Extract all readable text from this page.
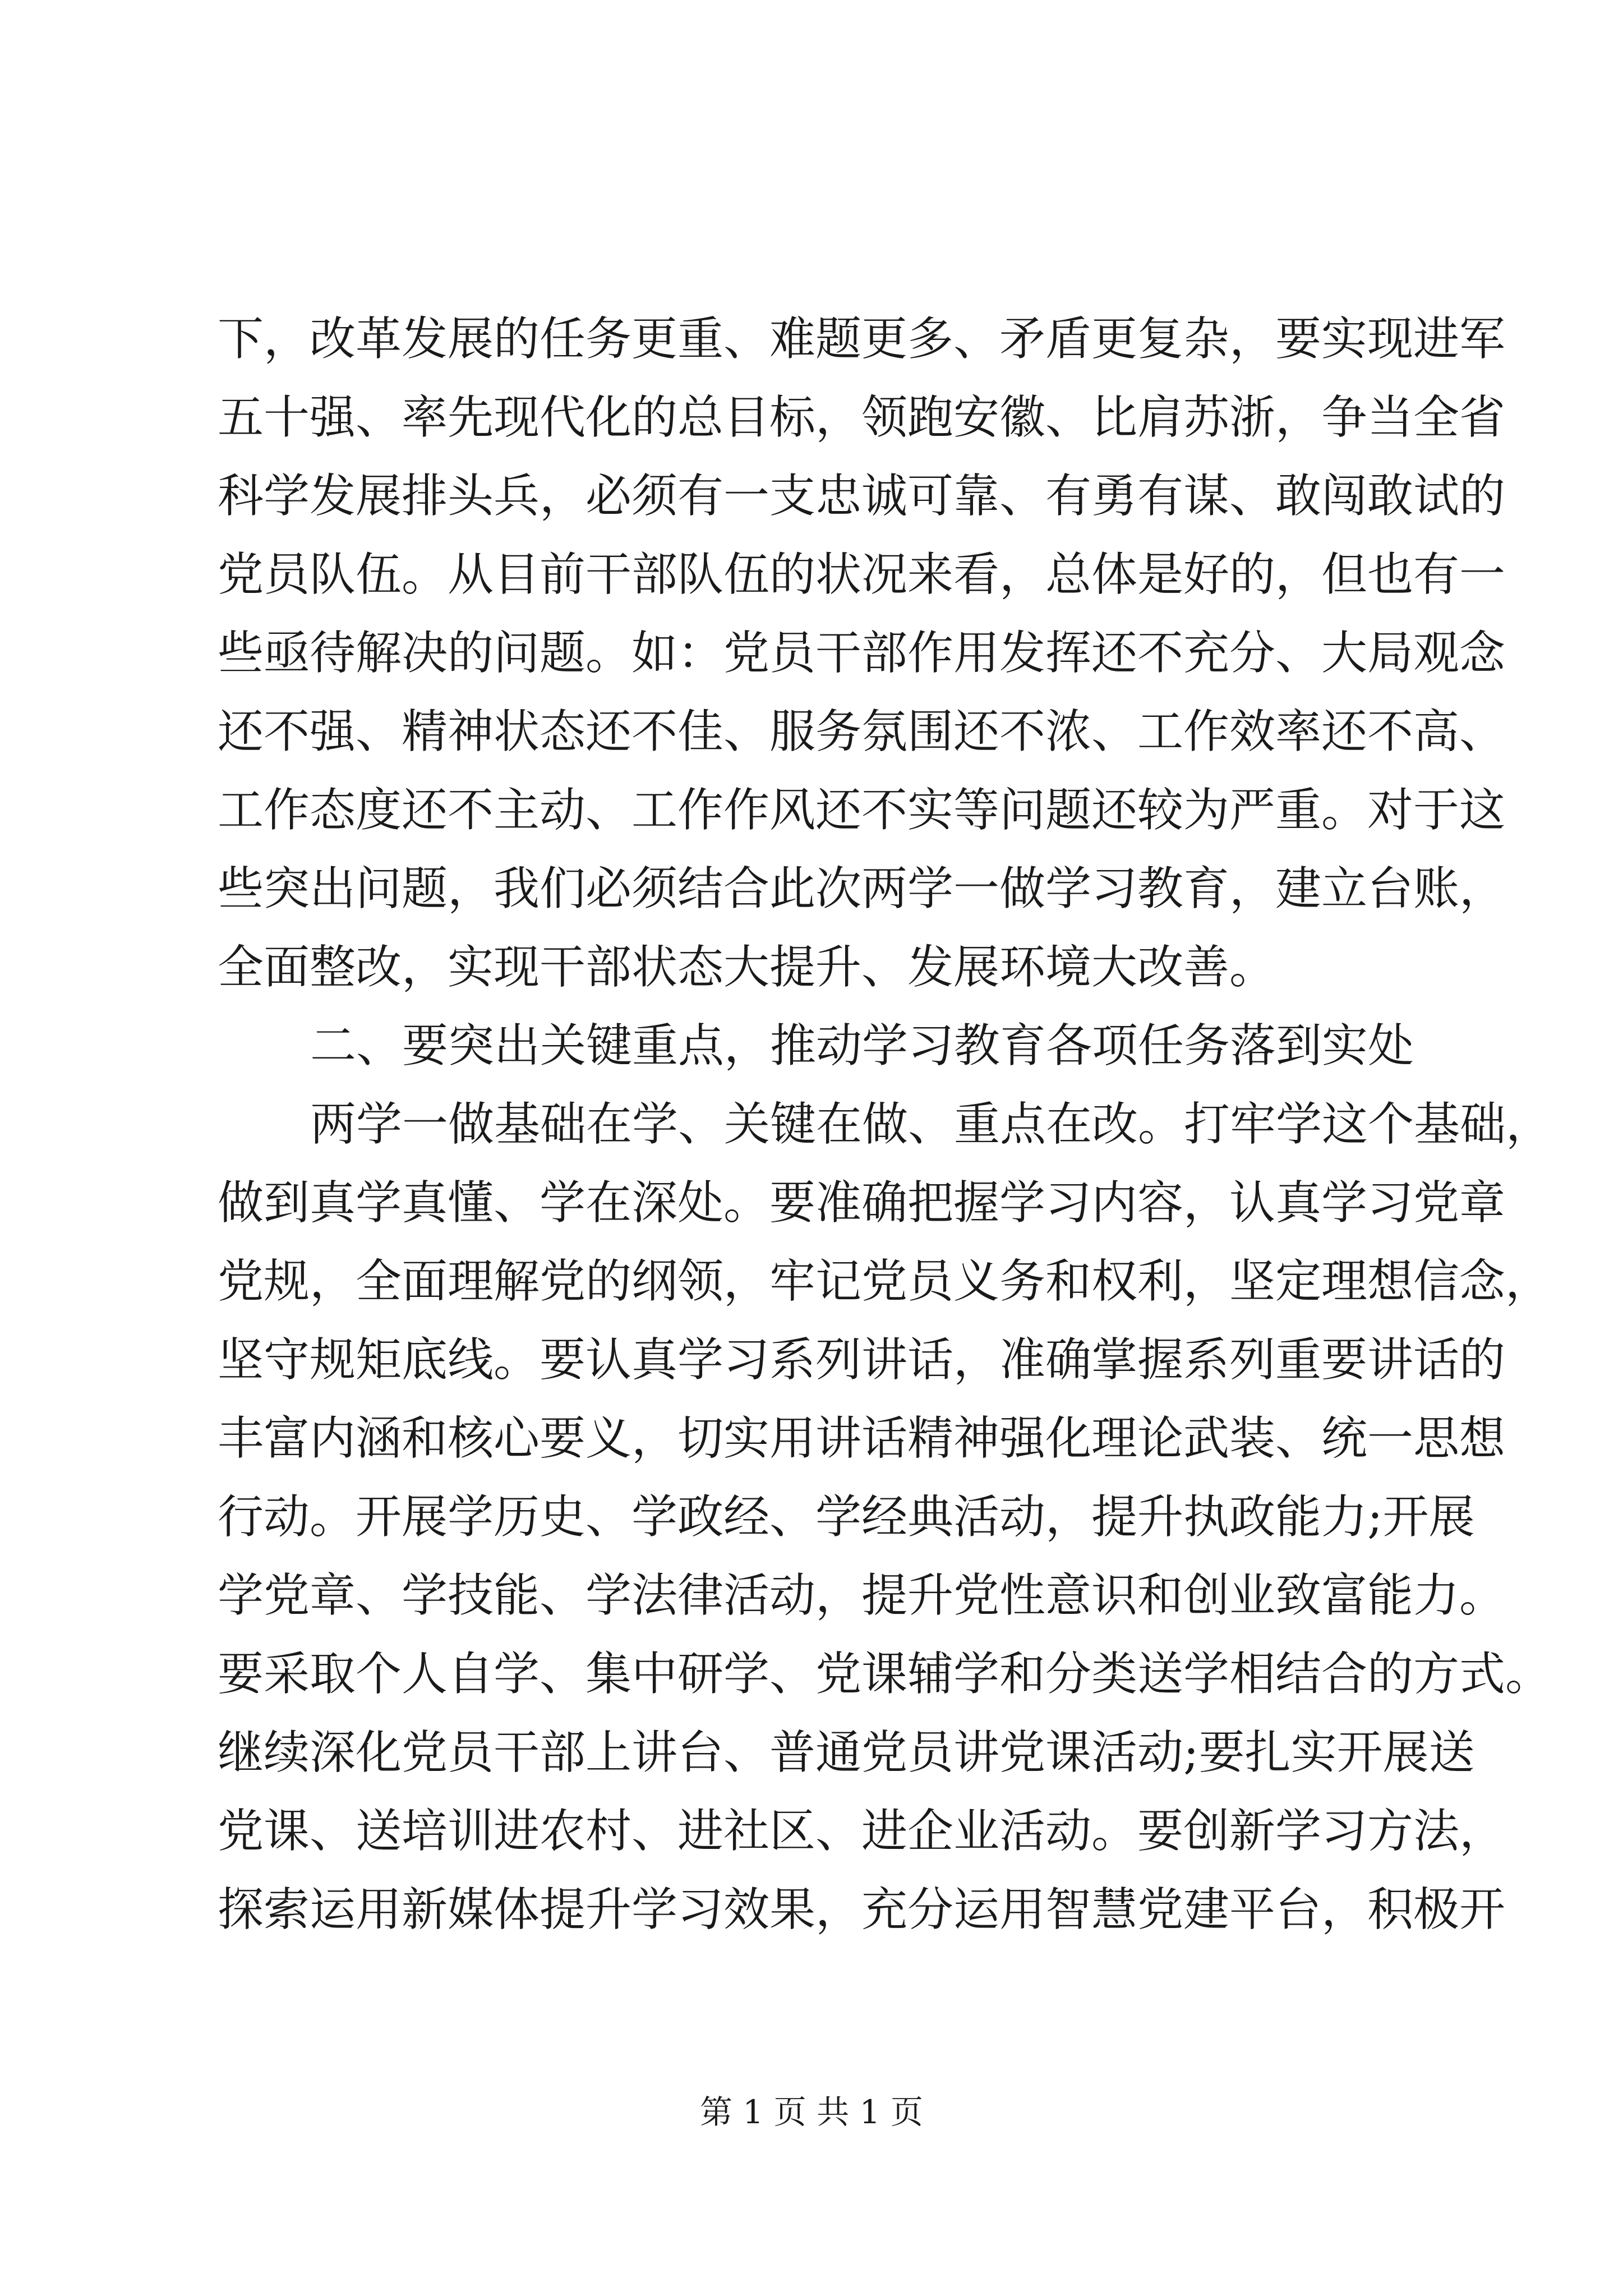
下，改革发展的任务更重、难题更多、矛盾更复杂，要实现进军
五十强、率先现代化的总目标，领跑安徽、比肩苏浙，争当全省
科学发展排头兵，必须有一支忠诚可靠、有勇有谋、敢闯敢试的
党员队伍。从目前干部队伍的状况来看，总体是好的，但也有一
些亟待解决的问题。如：党员干部作用发挥还不充分、大局观念
还不强、精神状态还不佳、服务氛围还不浓、工作效率还不高、
工作态度还不主动、工作作风还不实等问题还较为严重。对于这
些突出问题，我们必须结合此次两学一做学习教育，建立台账，
全面整改，实现干部状态大提升、发展环境大改善。
二、要突出关键重点，推动学习教育各项任务落到实处
两学一做基础在学、关键在做、重点在改。打牢学这个基础，
做到真学真懂、学在深处。要准确把握学习内容，认真学习党章
党规，全面理解党的纲领，牢记党员义务和权利，坚定理想信念，
坚守规矩底线。要认真学习系列讲话，准确掌握系列重要讲话的
丰富内涵和核心要义，切实用讲话精神强化理论武装、统一思想
行动。开展学历史、学政经、学经典活动，提升执政能力;开展
学党章、学技能、学法律活动，提升党性意识和创业致富能力。
要采取个人自学、集中研学、党课辅学和分类送学相结合的方式。
继续深化党员干部上讲台、普通党员讲党课活动;要扎实开展送
党课、送培训进农村、进社区、进企业活动。要创新学习方法，
探索运用新媒体提升学习效果，充分运用智慧党建平台，积极开
第 1 页 共 1 页
